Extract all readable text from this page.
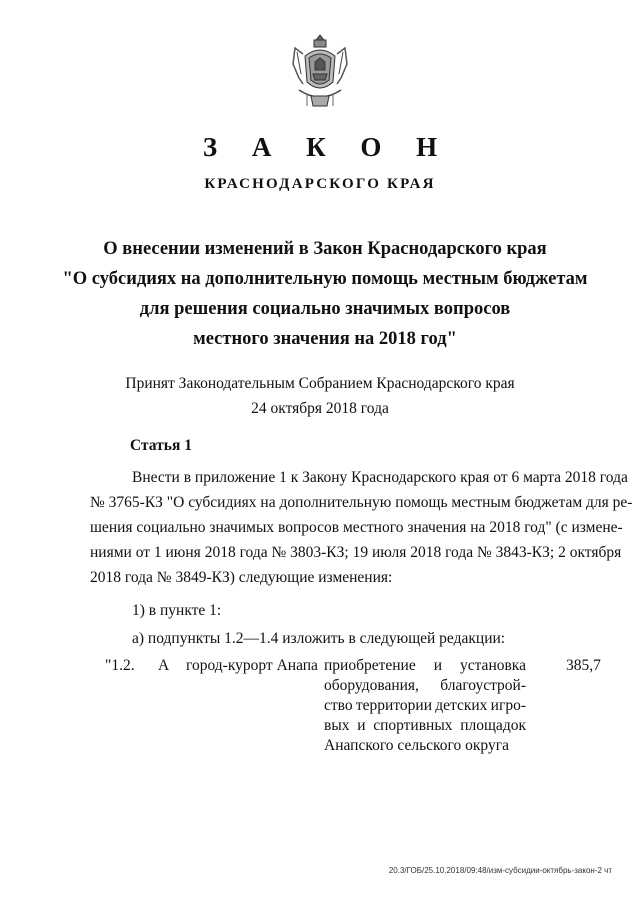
З А К О Н
КРАСНОДАРСКОГО КРАЯ
О внесении изменений в Закон Краснодарского края
"О субсидиях на дополнительную помощь местным бюджетам
для решения социально значимых вопросов
местного значения на 2018 год"
Принят Законодательным Собранием Краснодарского края
24 октября 2018 года
Статья 1
Внести в приложение 1 к Закону Краснодарского края от 6 марта 2018 года
№ 3765-КЗ "О субсидиях на дополнительную помощь местным бюджетам для ре-
шения социально значимых вопросов местного значения на 2018 год" (с измене-
ниями от 1 июня 2018 года № 3803-КЗ; 19 июля 2018 года № 3843-КЗ; 2 октября
2018 года № 3849-КЗ) следующие изменения:
1) в пункте 1:
а) подпункты 1.2—1.4 изложить в следующей редакции:
"1.2. А город-курорт Анапа приобретение и установка
оборудования, благоустрой-
ство территории детских игро-
вых и спортивных площадок
Анапского сельского округа
385,7
20.3/ГОБ/25.10.2018/09:48/изм-субсидии-октябрь-закон-2 чт
